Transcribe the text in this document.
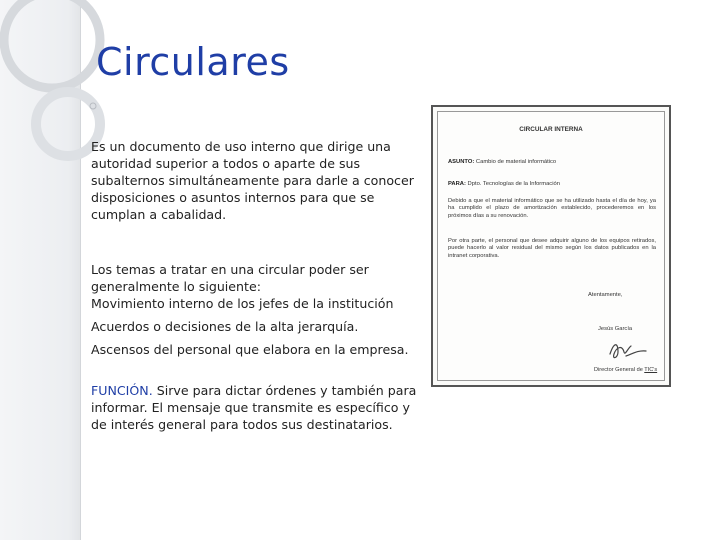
Circulares

Es un documento de uso interno que dirige una autoridad superior a todos o aparte de sus subalternos simultáneamente para darle a conocer disposiciones o asuntos internos para que se cumplan a cabalidad.

Los temas a tratar en una circular poder ser generalmente lo siguiente:
Movimiento interno de los jefes de la institución

Acuerdos o decisiones de la alta jerarquía.

Ascensos del personal que elabora en la empresa.

FUNCIÓN. Sirve para dictar órdenes y también para informar. El mensaje que transmite es específico y de interés general para todos sus destinatarios.

CIRCULAR INTERNA
ASUNTO: Cambio de material informático
PARA: Dpto. Tecnologías de la Información
Debido a que el material informático que se ha utilizado hasta el día de hoy, ya ha cumplido el plazo de amortización establecido, procederemos en los próximos días a su renovación.
Por otra parte, el personal que desee adquirir alguno de los equipos retirados, puede hacerlo al valor residual del mismo según los datos publicados en la intranet corporativa.
Atentamente,
Jesús García
Director General de TIC's
